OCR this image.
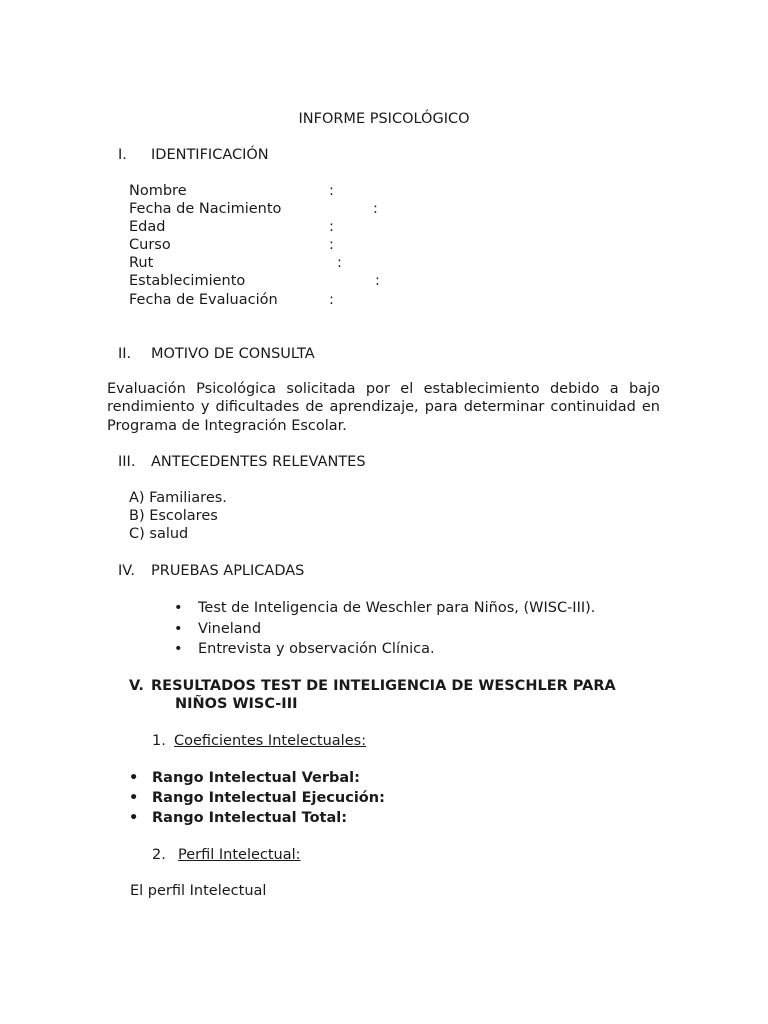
INFORME PSICOLÓGICO
I. IDENTIFICACIÓN
Nombre	:
Fecha de Nacimiento	:
Edad	:
Curso	:
Rut	:
Establecimiento	:
Fecha de Evaluación	:
II. MOTIVO DE CONSULTA
Evaluación Psicológica solicitada por el establecimiento debido a bajo rendimiento y dificultades de aprendizaje, para determinar continuidad en Programa de Integración Escolar.
III. ANTECEDENTES RELEVANTES
A) Familiares.
B) Escolares
C) salud
IV. PRUEBAS APLICADAS
• Test de Inteligencia de Weschler para Niños, (WISC-III).
• Vineland
• Entrevista y observación Clínica.
V. RESULTADOS TEST DE INTELIGENCIA DE WESCHLER PARA
NIÑOS WISC-III
1. Coeficientes Intelectuales:
• Rango Intelectual Verbal:
• Rango Intelectual Ejecución:
• Rango Intelectual Total:
2. Perfil Intelectual:
El perfil Intelectual
